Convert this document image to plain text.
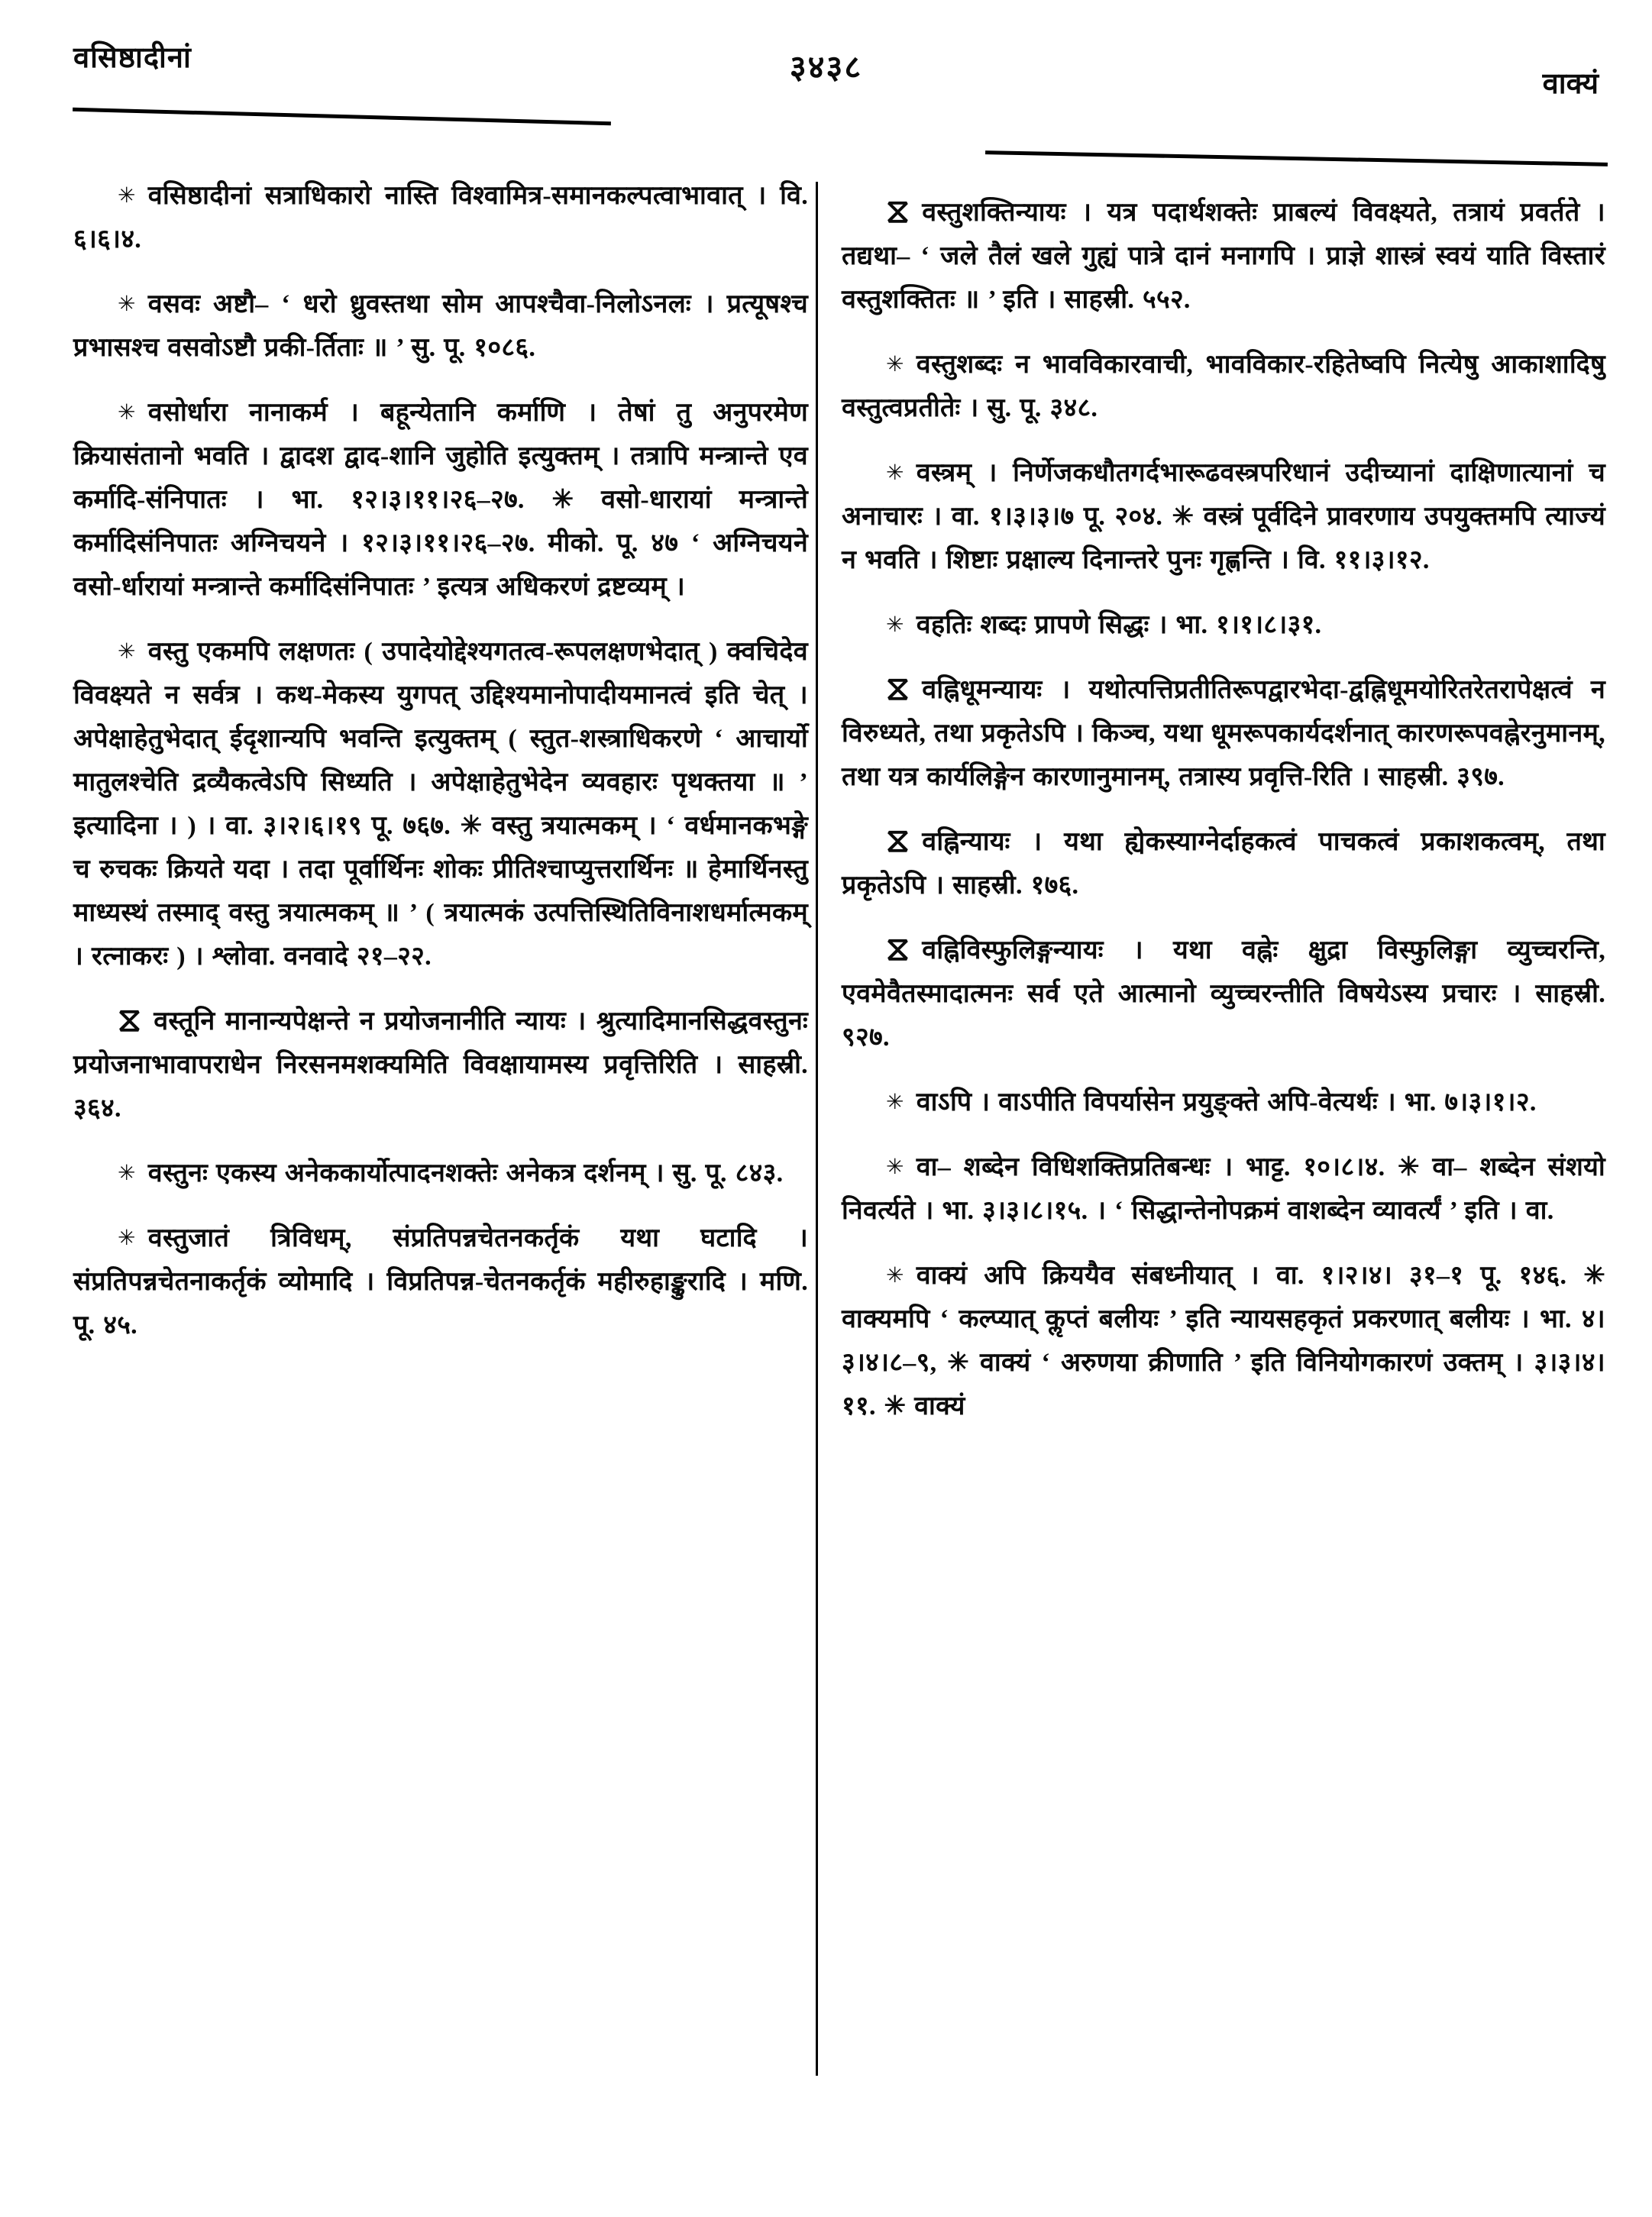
वसिष्ठादीनां	३४३८	वाक्यं

✳ वसिष्ठादीनां सत्राधिकारो नास्ति विश्वामित्र-समानकल्पत्वाभावात् । वि. ६।६।४.

✳ वसवः अष्टौ– ‘ धरो ध्रुवस्तथा सोम आपश्चैवा-निलोऽनलः । प्रत्यूषश्च प्रभासश्च वसवोऽष्टौ प्रकी-र्तिताः ॥ ’ सु. पू. १०८६.

✳ वसोर्धारा नानाकर्म । बहून्येतानि कर्माणि । तेषां तु अनुपरमेण क्रियासंतानो भवति । द्वादश द्वाद-शानि जुहोति इत्युक्तम् । तत्रापि मन्त्रान्ते एव कर्मादि-संनिपातः । भा. १२।३।११।२६–२७. ✳ वसो-धारायां मन्त्रान्ते कर्मादिसंनिपातः अग्निचयने । १२।३।११।२६–२७. मीको. पू. ४७ ‘ अग्निचयने वसो-र्धारायां मन्त्रान्ते कर्मादिसंनिपातः ’ इत्यत्र अधिकरणं द्रष्टव्यम् ।

✳ वस्तु एकमपि लक्षणतः ( उपादेयोद्देश्यगतत्व-रूपलक्षणभेदात् ) क्वचिदेव विवक्ष्यते न सर्वत्र । कथ-मेकस्य युगपत् उद्दिश्यमानोपादीयमानत्वं इति चेत् । अपेक्षाहेतुभेदात् ईदृशान्यपि भवन्ति इत्युक्तम् ( स्तुत-शस्त्राधिकरणे ‘ आचार्यो मातुलश्चेति द्रव्यैकत्वेऽपि सिध्यति । अपेक्षाहेतुभेदेन व्यवहारः पृथक्तया ॥ ’ इत्यादिना । ) । वा. ३।२।६।१९ पू. ७६७. ✳ वस्तु त्रयात्मकम् । ‘ वर्धमानकभङ्गे च रुचकः क्रियते यदा । तदा पूर्वार्थिनः शोकः प्रीतिश्चाप्युत्तरार्थिनः ॥ हेमार्थिनस्तु माध्यस्थं तस्माद् वस्तु त्रयात्मकम् ॥ ’ ( त्रयात्मकं उत्पत्तिस्थितिविनाशधर्मात्मकम् । रत्नाकरः ) । श्लोवा. वनवादे २१–२२.

⧖ वस्तूनि मानान्यपेक्षन्ते न प्रयोजनानीति न्यायः । श्रुत्यादिमानसिद्धवस्तुनः प्रयोजनाभावापराधेन निरसनमशक्यमिति विवक्षायामस्य प्रवृत्तिरिति । साहस्री. ३६४.

✳ वस्तुनः एकस्य अनेककार्योत्पादनशक्तेः अनेकत्र दर्शनम् । सु. पू. ८४३.

✳ वस्तुजातं त्रिविधम्, संप्रतिपन्नचेतनकर्तृकं यथा घटादि । संप्रतिपन्नचेतनाकर्तृकं व्योमादि । विप्रतिपन्न-चेतनकर्तृकं महीरुहाङ्कुरादि । मणि. पू. ४५.

⧖ वस्तुशक्तिन्यायः । यत्र पदार्थशक्तेः प्राबल्यं विवक्ष्यते, तत्रायं प्रवर्तते । तद्यथा– ‘ जले तैलं खले गुह्यं पात्रे दानं मनागपि । प्राज्ञे शास्त्रं स्वयं याति विस्तारं वस्तुशक्तितः ॥ ’ इति । साहस्री. ५५२.

✳ वस्तुशब्दः न भावविकारवाची, भावविकार-रहितेष्वपि नित्येषु आकाशादिषु वस्तुत्वप्रतीतेः । सु. पू. ३४८.

✳ वस्त्रम् । निर्णेजकधौतगर्दभारूढवस्त्रपरिधानं उदीच्यानां दाक्षिणात्यानां च अनाचारः । वा. १।३।३।७ पू. २०४. ✳ वस्त्रं पूर्वदिने प्रावरणाय उपयुक्तमपि त्याज्यं न भवति । शिष्टाः प्रक्षाल्य दिनान्तरे पुनः गृह्णन्ति । वि. ११।३।१२.

✳ वहतिः शब्दः प्रापणे सिद्धः । भा. १।१।८।३१.

⧖ वह्निधूमन्यायः । यथोत्पत्तिप्रतीतिरूपद्वारभेदा-द्वह्निधूमयोरितरेतरापेक्षत्वं न विरुध्यते, तथा प्रकृतेऽपि । किञ्च, यथा धूमरूपकार्यदर्शनात् कारणरूपवह्नेरनुमानम्, तथा यत्र कार्यलिङ्गेन कारणानुमानम्, तत्रास्य प्रवृत्ति-रिति । साहस्री. ३९७.

⧖ वह्निन्यायः । यथा ह्येकस्याग्नेर्दाहकत्वं पाचकत्वं प्रकाशकत्वम्, तथा प्रकृतेऽपि । साहस्री. १७६.

⧖ वह्निविस्फुलिङ्गन्यायः । यथा वह्नेः क्षुद्रा विस्फुलिङ्गा व्युच्चरन्ति, एवमेवैतस्मादात्मनः सर्व एते आत्मानो व्युच्चरन्तीति विषयेऽस्य प्रचारः । साहस्री. ९२७.

✳ वाऽपि । वाऽपीति विपर्यासेन प्रयुङ्क्ते अपि-वेत्यर्थः । भा. ७।३।१।२.

✳ वा– शब्देन विधिशक्तिप्रतिबन्धः । भाट्ट. १०।८।४. ✳ वा– शब्देन संशयो निवर्त्यते । भा. ३।३।८।१५. । ‘ सिद्धान्तेनोपक्रमं वाशब्देन व्यावर्त्यं ’ इति । वा.

✳ वाक्यं अपि क्रिययैव संबध्नीयात् । वा. १।२।४। ३१–१ पू. १४६. ✳ वाक्यमपि ‘ कल्प्यात् कॢप्तं बलीयः ’ इति न्यायसहकृतं प्रकरणात् बलीयः । भा. ४।३।४।८–९, ✳ वाक्यं ‘ अरुणया क्रीणाति ’ इति विनियोगकारणं उक्तम् । ३।३।४।११. ✳ वाक्यं
